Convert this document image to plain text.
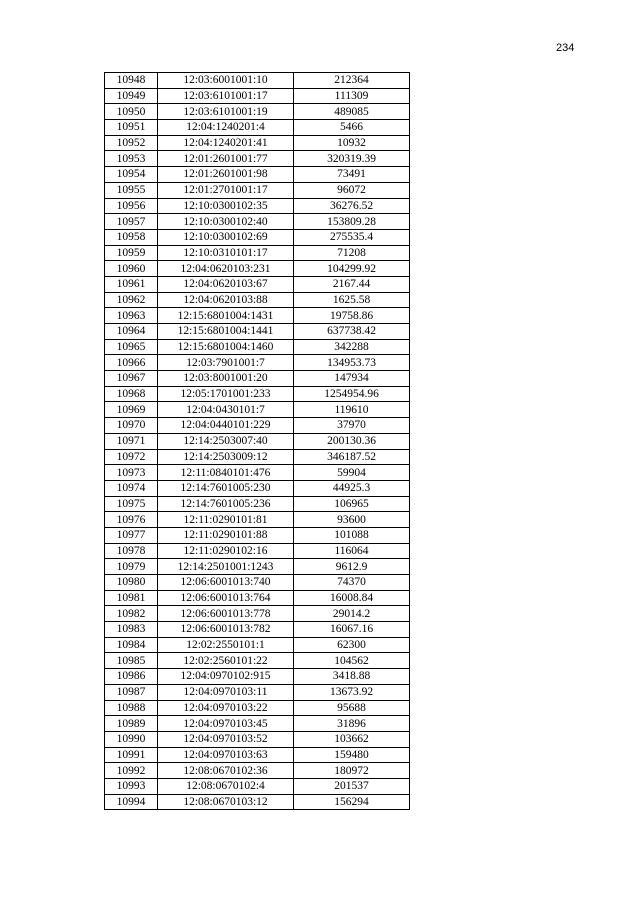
234
10948	12:03:6001001:10	212364
10949	12:03:6101001:17	111309
10950	12:03:6101001:19	489085
10951	12:04:1240201:4	5466
10952	12:04:1240201:41	10932
10953	12:01:2601001:77	320319.39
10954	12:01:2601001:98	73491
10955	12:01:2701001:17	96072
10956	12:10:0300102:35	36276.52
10957	12:10:0300102:40	153809.28
10958	12:10:0300102:69	275535.4
10959	12:10:0310101:17	71208
10960	12:04:0620103:231	104299.92
10961	12:04:0620103:67	2167.44
10962	12:04:0620103:88	1625.58
10963	12:15:6801004:1431	19758.86
10964	12:15:6801004:1441	637738.42
10965	12:15:6801004:1460	342288
10966	12:03:7901001:7	134953.73
10967	12:03:8001001:20	147934
10968	12:05:1701001:233	1254954.96
10969	12:04:0430101:7	119610
10970	12:04:0440101:229	37970
10971	12:14:2503007:40	200130.36
10972	12:14:2503009:12	346187.52
10973	12:11:0840101:476	59904
10974	12:14:7601005:230	44925.3
10975	12:14:7601005:236	106965
10976	12:11:0290101:81	93600
10977	12:11:0290101:88	101088
10978	12:11:0290102:16	116064
10979	12:14:2501001:1243	9612.9
10980	12:06:6001013:740	74370
10981	12:06:6001013:764	16008.84
10982	12:06:6001013:778	29014.2
10983	12:06:6001013:782	16067.16
10984	12:02:2550101:1	62300
10985	12:02:2560101:22	104562
10986	12:04:0970102:915	3418.88
10987	12:04:0970103:11	13673.92
10988	12:04:0970103:22	95688
10989	12:04:0970103:45	31896
10990	12:04:0970103:52	103662
10991	12:04:0970103:63	159480
10992	12:08:0670102:36	180972
10993	12:08:0670102:4	201537
10994	12:08:0670103:12	156294
